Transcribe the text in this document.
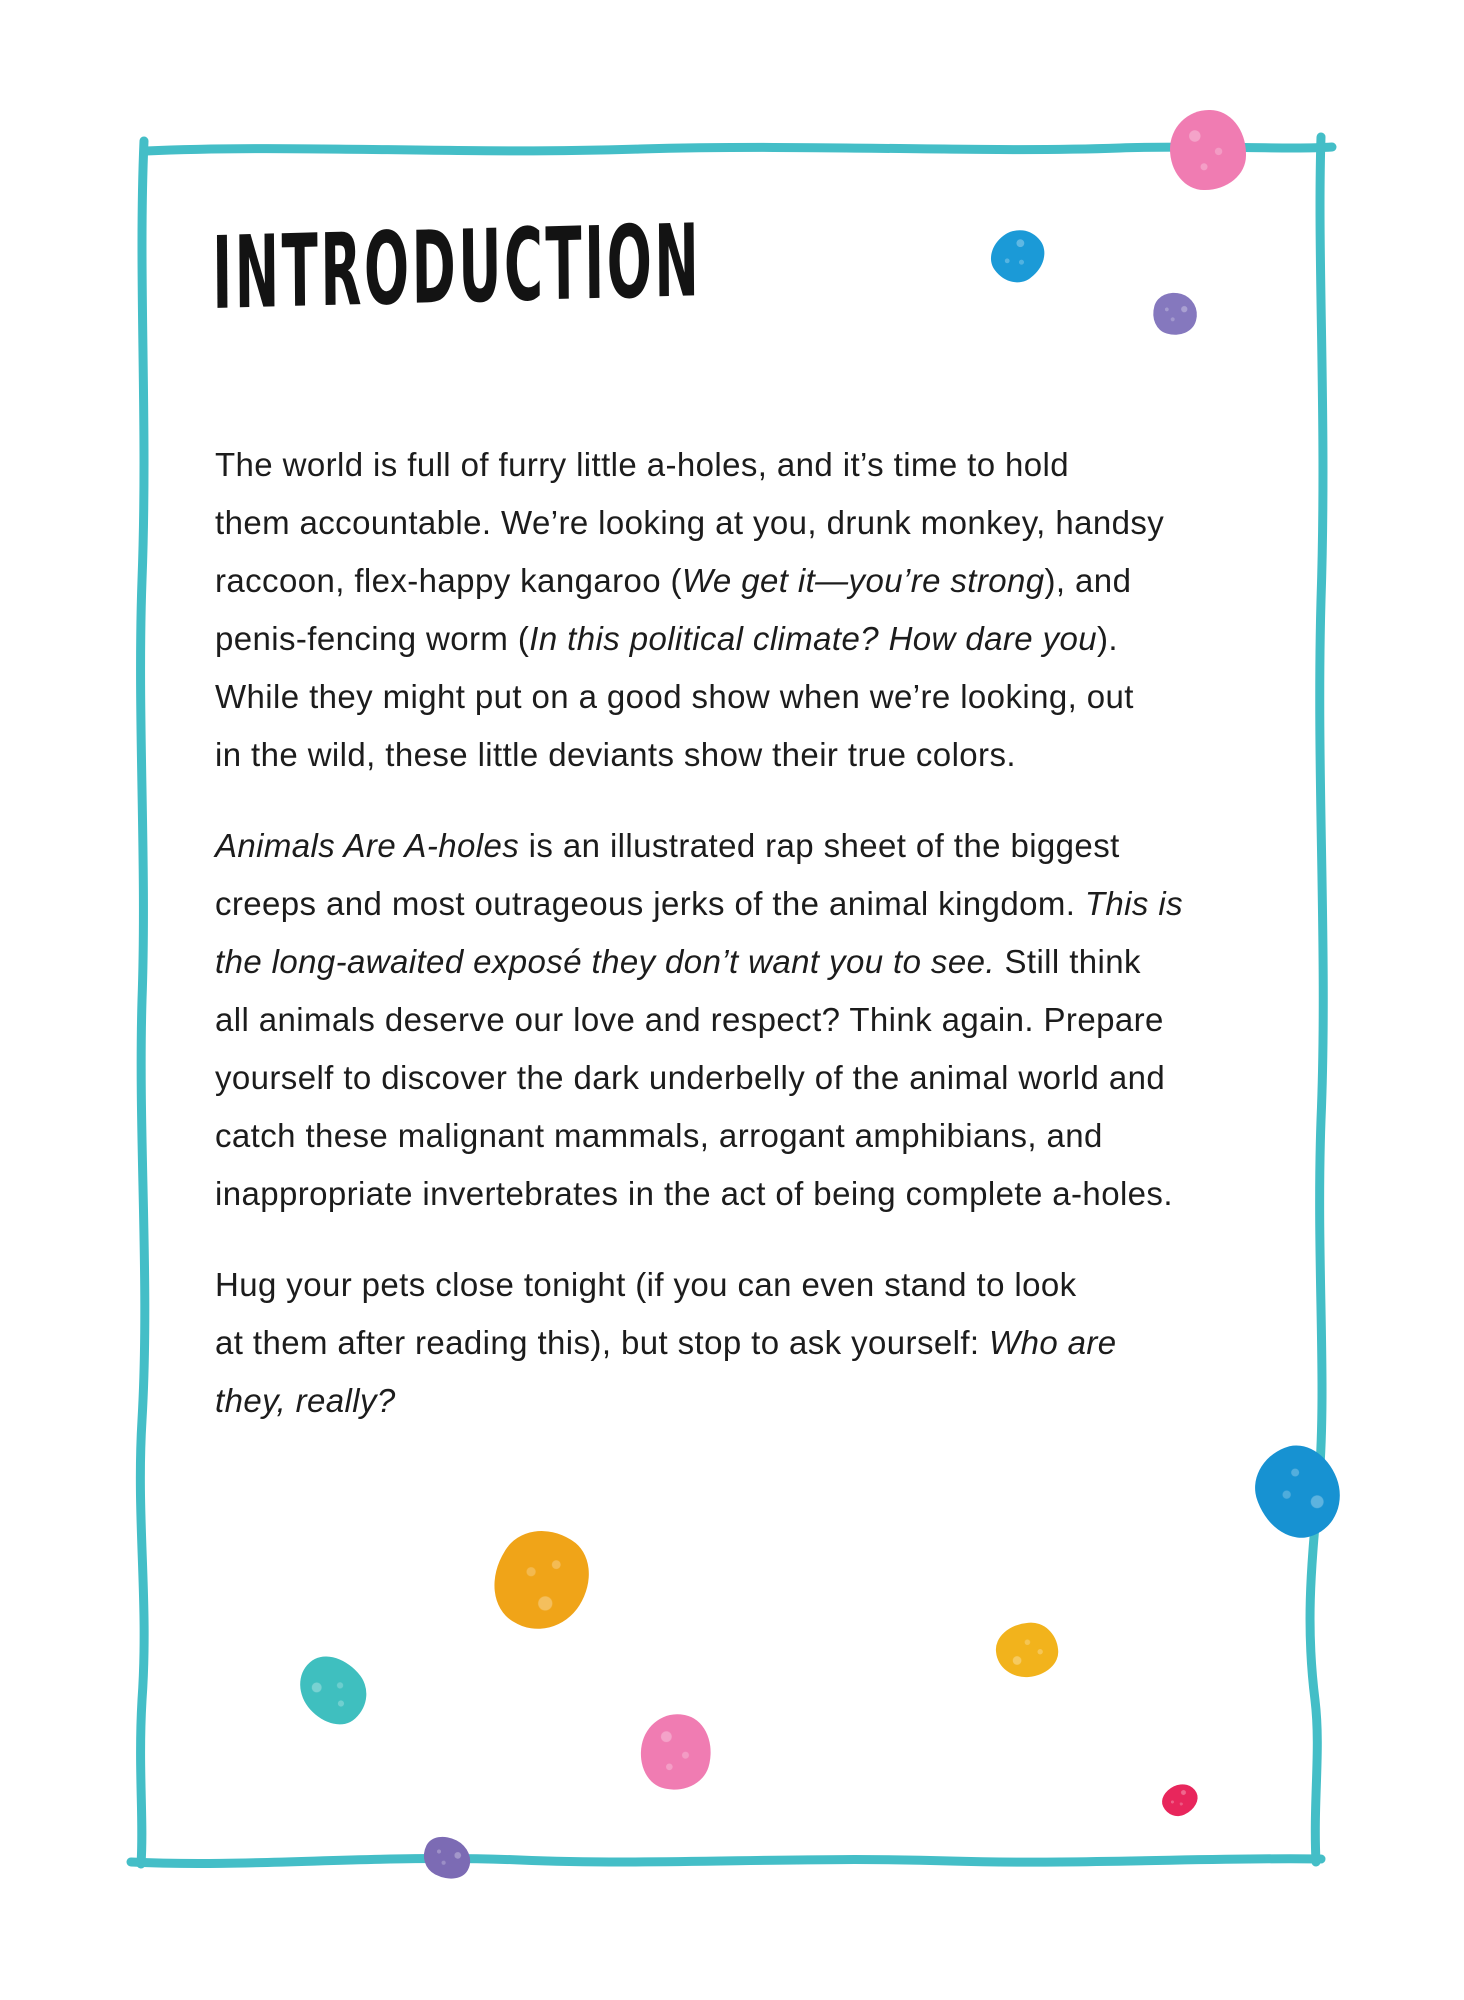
INTRODUCTION
The world is full of furry little a-holes, and it’s time to hold
them accountable. We’re looking at you, drunk monkey, handsy
raccoon, flex-happy kangaroo (We get it—you’re strong), and
penis-fencing worm (In this political climate? How dare you).
While they might put on a good show when we’re looking, out
in the wild, these little deviants show their true colors.
Animals Are A-holes is an illustrated rap sheet of the biggest
creeps and most outrageous jerks of the animal kingdom. This is
the long-awaited exposé they don’t want you to see. Still think
all animals deserve our love and respect? Think again. Prepare
yourself to discover the dark underbelly of the animal world and
catch these malignant mammals, arrogant amphibians, and
inappropriate invertebrates in the act of being complete a-holes.
Hug your pets close tonight (if you can even stand to look
at them after reading this), but stop to ask yourself: Who are
they, really?
